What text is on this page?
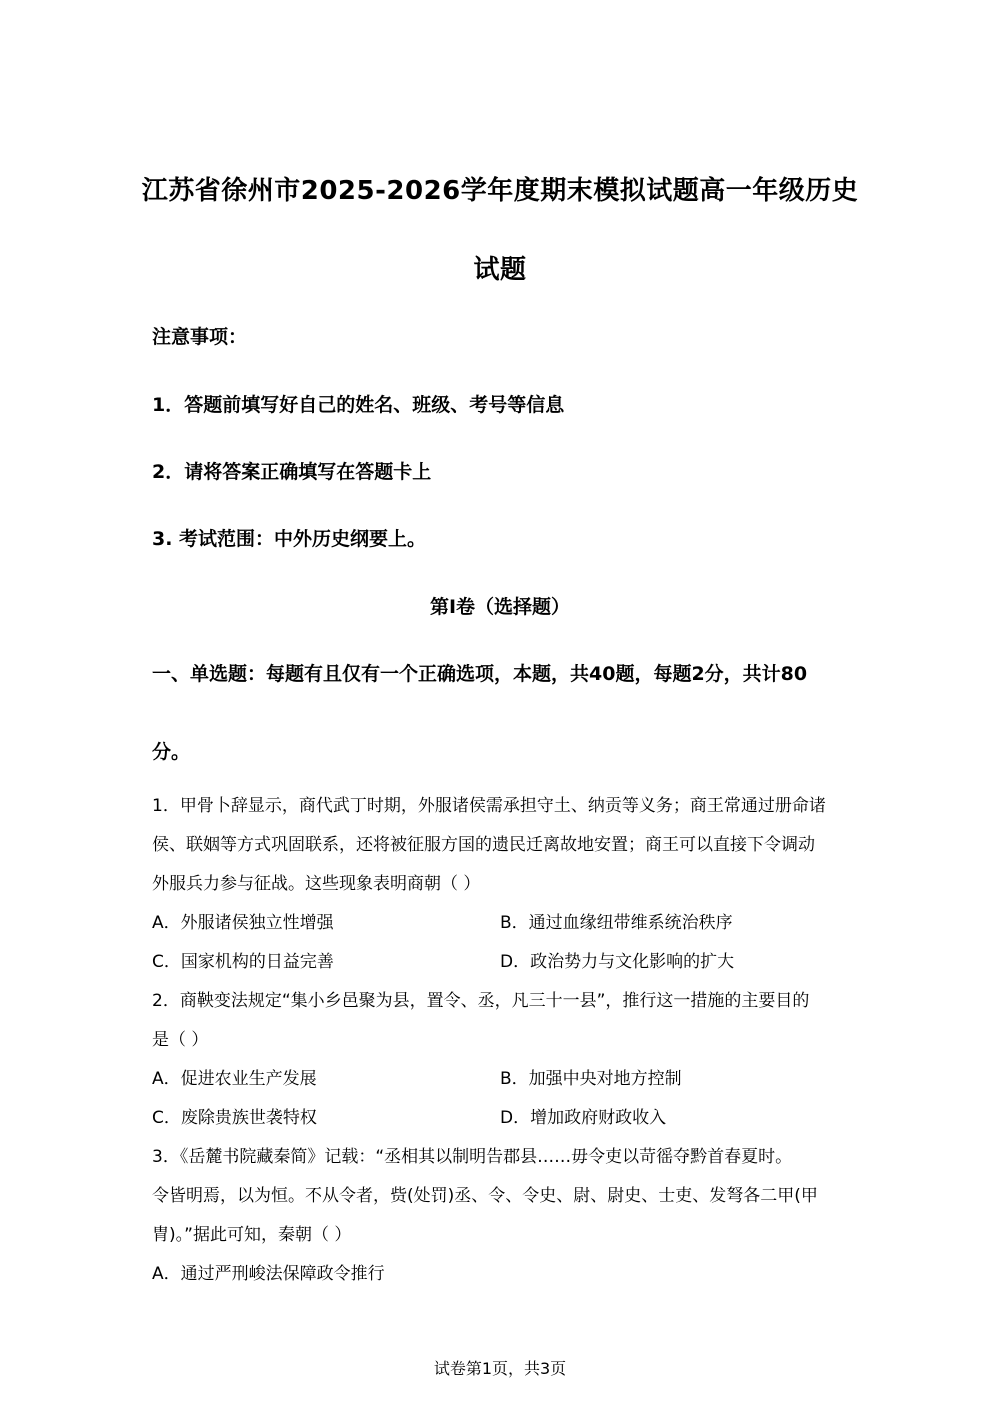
江苏省徐州市2025-2026学年度期末模拟试题高一年级历史
试题
注意事项：
1．答题前填写好自己的姓名、班级、考号等信息
2．请将答案正确填写在答题卡上
3. 考试范围：中外历史纲要上。
第I卷（选择题）
一、单选题：每题有且仅有一个正确选项，本题，共40题，每题2分，共计80
分。
1．甲骨卜辞显示，商代武丁时期，外服诸侯需承担守土、纳贡等义务；商王常通过册命诸
侯、联姻等方式巩固联系，还将被征服方国的遗民迁离故地安置；商王可以直接下令调动
外服兵力参与征战。这些现象表明商朝（ ）
A．外服诸侯独立性增强	B．通过血缘纽带维系统治秩序
C．国家机构的日益完善	D．政治势力与文化影响的扩大
2．商鞅变法规定“集小乡邑聚为县，置令、丞，凡三十一县”，推行这一措施的主要目的
是（ ）
A．促进农业生产发展	B．加强中央对地方控制
C．废除贵族世袭特权	D．增加政府财政收入
3．《岳麓书院藏秦简》记载：“丞相其以制明告郡县……毋令吏以苛徭夺黔首春夏时。
令皆明焉，以为恒。不从令者，赀(处罚)丞、令、令史、尉、尉史、士吏、发弩各二甲(甲
胄)。”据此可知，秦朝（ ）
A．通过严刑峻法保障政令推行
试卷第1页，共3页
